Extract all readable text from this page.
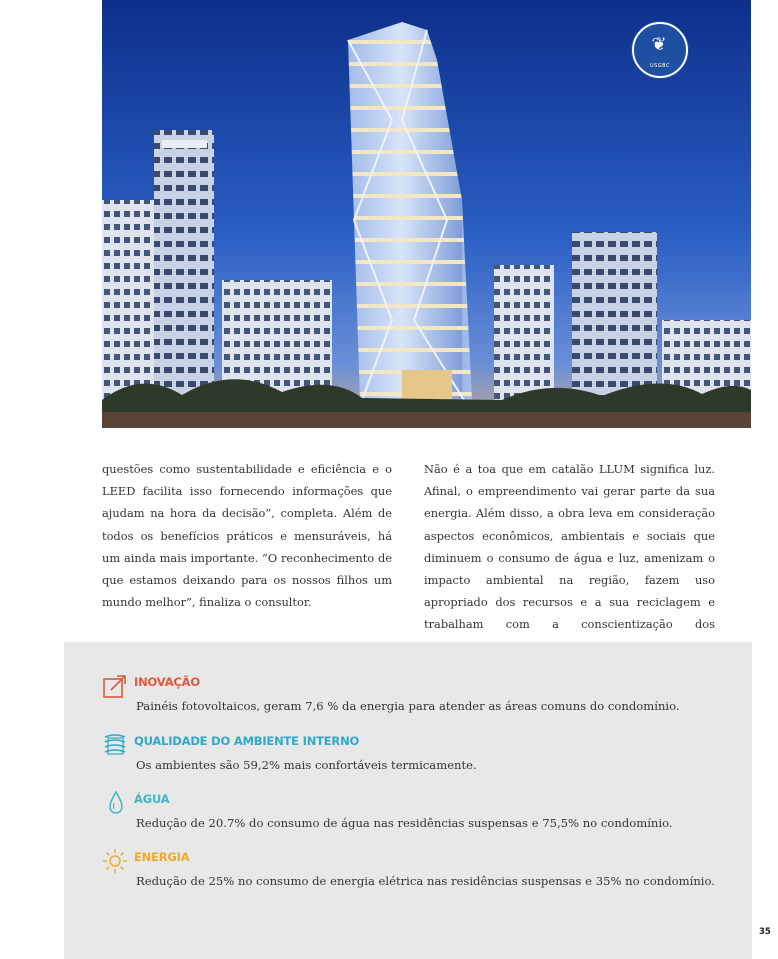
❦
USGBC

questões como sustentabilidade e eficiência e o LEED facilita isso fornecendo informações que ajudam na hora da decisão”, completa. Além de todos os benefícios práticos e mensuráveis, há um ainda mais importante. “O reconhecimento de que estamos deixando para os nossos filhos um mundo melhor”, finaliza o consultor.

Não é a toa que em catalão LLUM significa luz. Afinal, o empreendimento vai gerar parte da sua energia. Além disso, a obra leva em consideração aspectos econômicos, ambientais e sociais que diminuem o consumo de água e luz, amenizam o impacto ambiental na região, fazem uso apropriado dos recursos e a sua reciclagem e trabalham com a conscientização dos

INOVAÇÃO
Painéis fotovoltaicos, geram 7,6 % da energia para atender as áreas comuns do condomínio.
QUALIDADE DO AMBIENTE INTERNO
Os ambientes são 59,2% mais confortáveis termicamente.
ÁGUA
Redução de 20.7% do consumo de água nas residências suspensas e 75,5% no condomínio.
ENERGIA
Redução de 25% no consumo de energia elétrica nas residências suspensas e 35% no condomínio.
35
